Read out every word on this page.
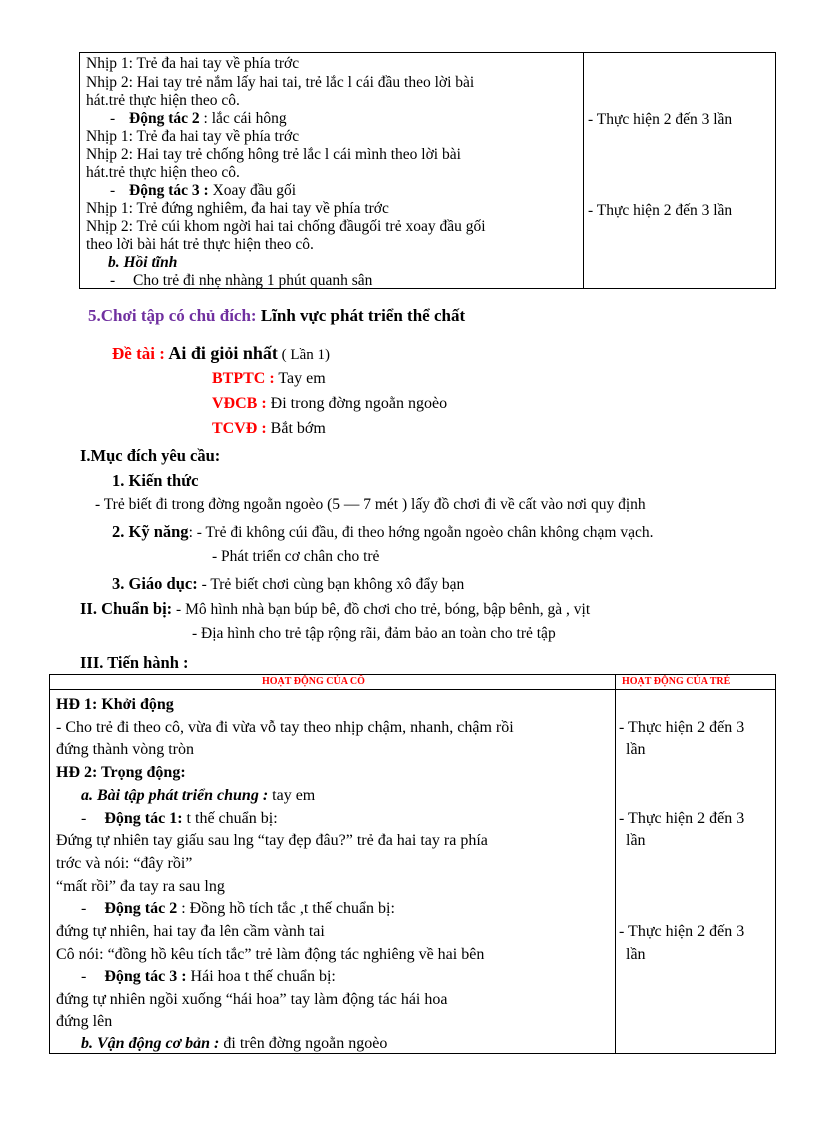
Nhịp 1: Trẻ đa hai tay về phía trớc
Nhịp 2: Hai tay trẻ nắm lấy hai tai, trẻ lắc l cái đầu theo lời bài
hát.trẻ thực hiện theo cô.
- Động tác 2 : lắc cái hông
Nhịp 1: Trẻ đa hai tay về phía trớc
Nhịp 2: Hai tay trẻ chống hông trẻ lắc l cái mình theo lời bài
hát.trẻ thực hiện theo cô.
- Động tác 3 : Xoay đầu gối
Nhịp 1: Trẻ đứng nghiêm, đa hai tay về phía trớc
Nhịp 2: Trẻ cúi khom ngời hai tai chống đầugối trẻ xoay đầu gối
theo lời bài hát trẻ thực hiện theo cô.
b. Hồi tĩnh
- Cho trẻ đi nhẹ nhàng 1 phút quanh sân
- Thực hiện 2 đến 3 lần
- Thực hiện 2 đến 3 lần
5.Chơi tập có chủ đích: Lĩnh vực phát triển thể chất
Đề tài : Ai đi giỏi nhất ( Lần 1)
BTPTC : Tay em
VĐCB : Đi trong đờng ngoằn ngoèo
TCVĐ : Bắt bớm
I.Mục đích yêu cầu:
1. Kiến thức
- Trẻ biết đi trong đờng ngoằn ngoèo (5 — 7 mét ) lấy đồ chơi đi về cất vào nơi quy định
2. Kỹ năng: - Trẻ đi không cúi đầu, đi theo hớng ngoằn ngoèo chân không chạm vạch.
- Phát triển cơ chân cho trẻ
3. Giáo dục: - Trẻ biết chơi cùng bạn không xô đẩy bạn
II. Chuẩn bị: - Mô hình nhà bạn búp bê, đồ chơi cho trẻ, bóng, bập bênh, gà , vịt
- Địa hình cho trẻ tập rộng rãi, đảm bảo an toàn cho trẻ tập
III. Tiến hành :
HOẠT ĐỘNG CỦA CÔ	HOẠT ĐỘNG CỦA TRẺ
HĐ 1: Khởi động
- Cho trẻ đi theo cô, vừa đi vừa vỗ tay theo nhịp chậm, nhanh, chậm rồi
đứng thành vòng tròn
HĐ 2: Trọng động:
a. Bài tập phát triển chung : tay em
- Động tác 1: t thế chuẩn bị:
Đứng tự nhiên tay giấu sau lng “tay đẹp đâu?” trẻ đa hai tay ra phía
trớc và nói: “đây rồi”
“mất rồi” đa tay ra sau lng
- Động tác 2 : Đồng hồ tích tắc ,t thế chuẩn bị:
đứng tự nhiên, hai tay đa lên cầm vành tai
Cô nói: “đồng hồ kêu tích tắc” trẻ làm động tác nghiêng về hai bên
- Động tác 3 : Hái hoa t thế chuẩn bị:
đứng tự nhiên ngồi xuống “hái hoa” tay làm động tác hái hoa
đứng lên
b. Vận động cơ bản : đi trên đờng ngoằn ngoèo
- Thực hiện 2 đến 3
lần
- Thực hiện 2 đến 3
lần
- Thực hiện 2 đến 3
lần
